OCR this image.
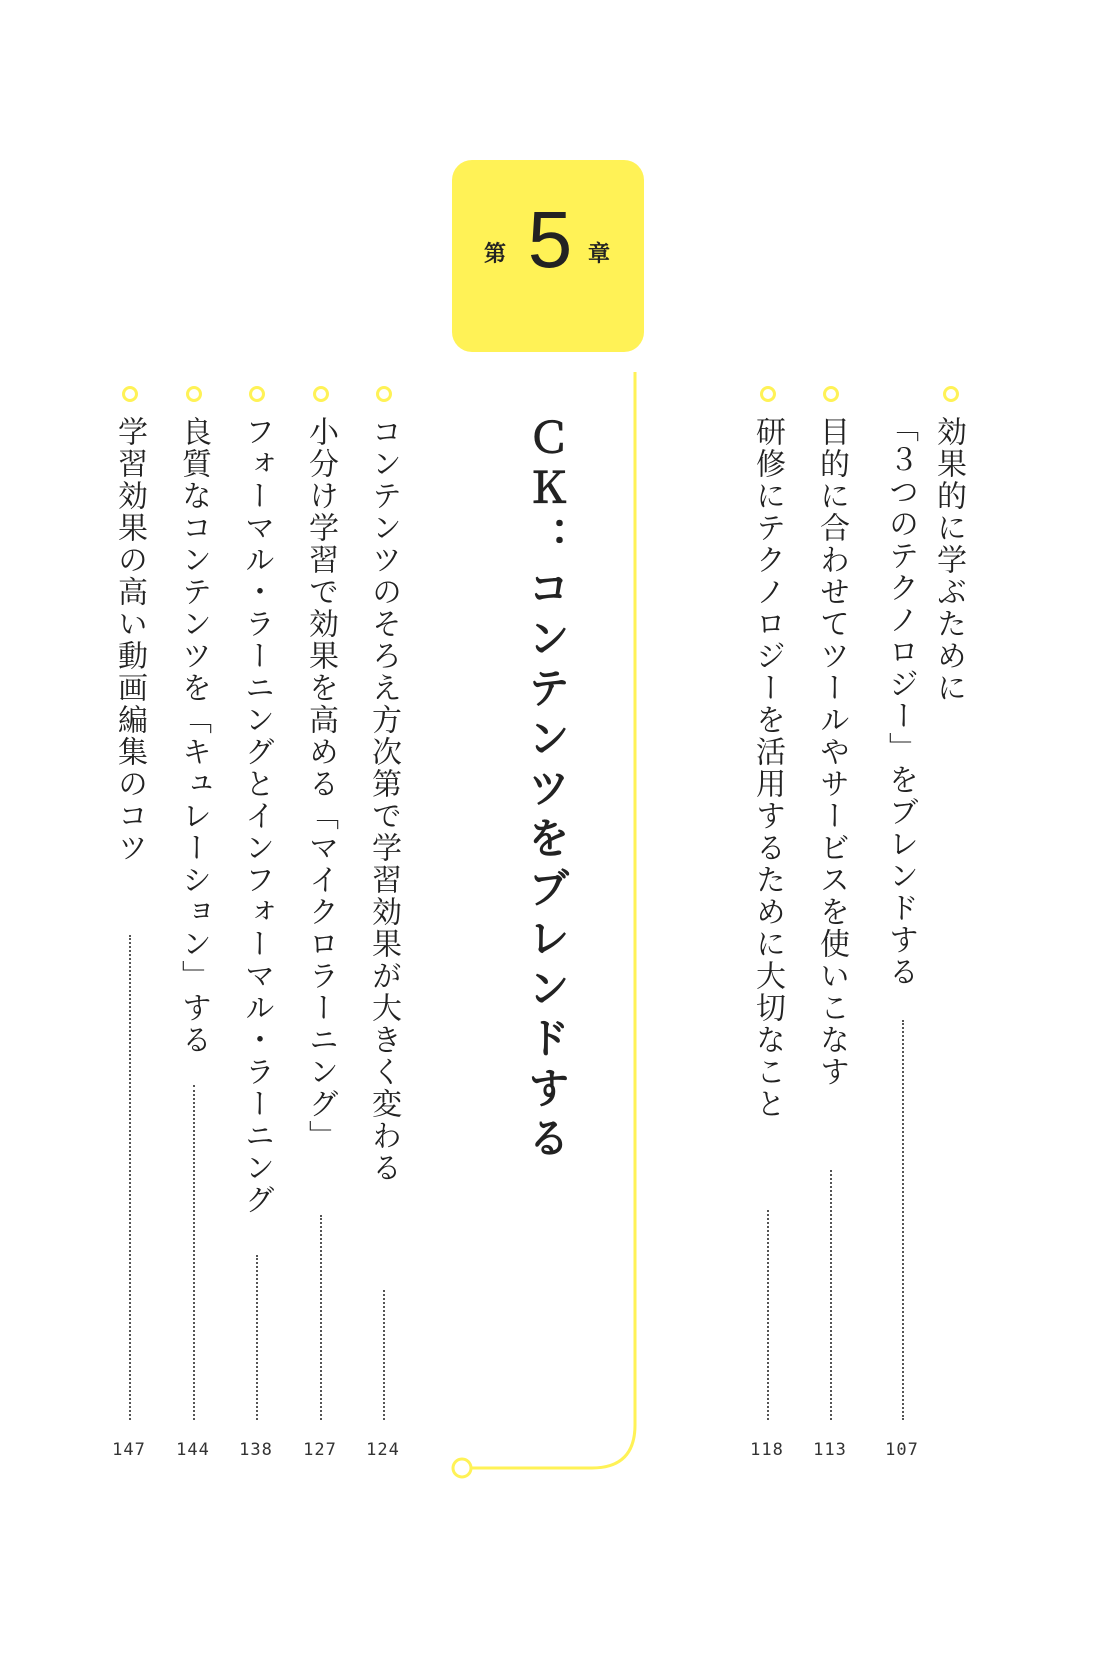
第 5 章
ＣＫ：コンテンツをブレンドする	効果的に学ぶために

「３つのテクノロジー」をブレンドする

107

目的に合わせてツールやサービスを使いこなす

113

研修にテクノロジーを活用するために大切なこと

118

コンテンツのそろえ方次第で学習効果が大きく変わる

124

小分け学習で効果を高める「マイクロラーニング」

127

フォーマル・ラーニングとインフォーマル・ラーニング

138

良質なコンテンツを「キュレーション」する

144

学習効果の高い動画編集のコツ

147
